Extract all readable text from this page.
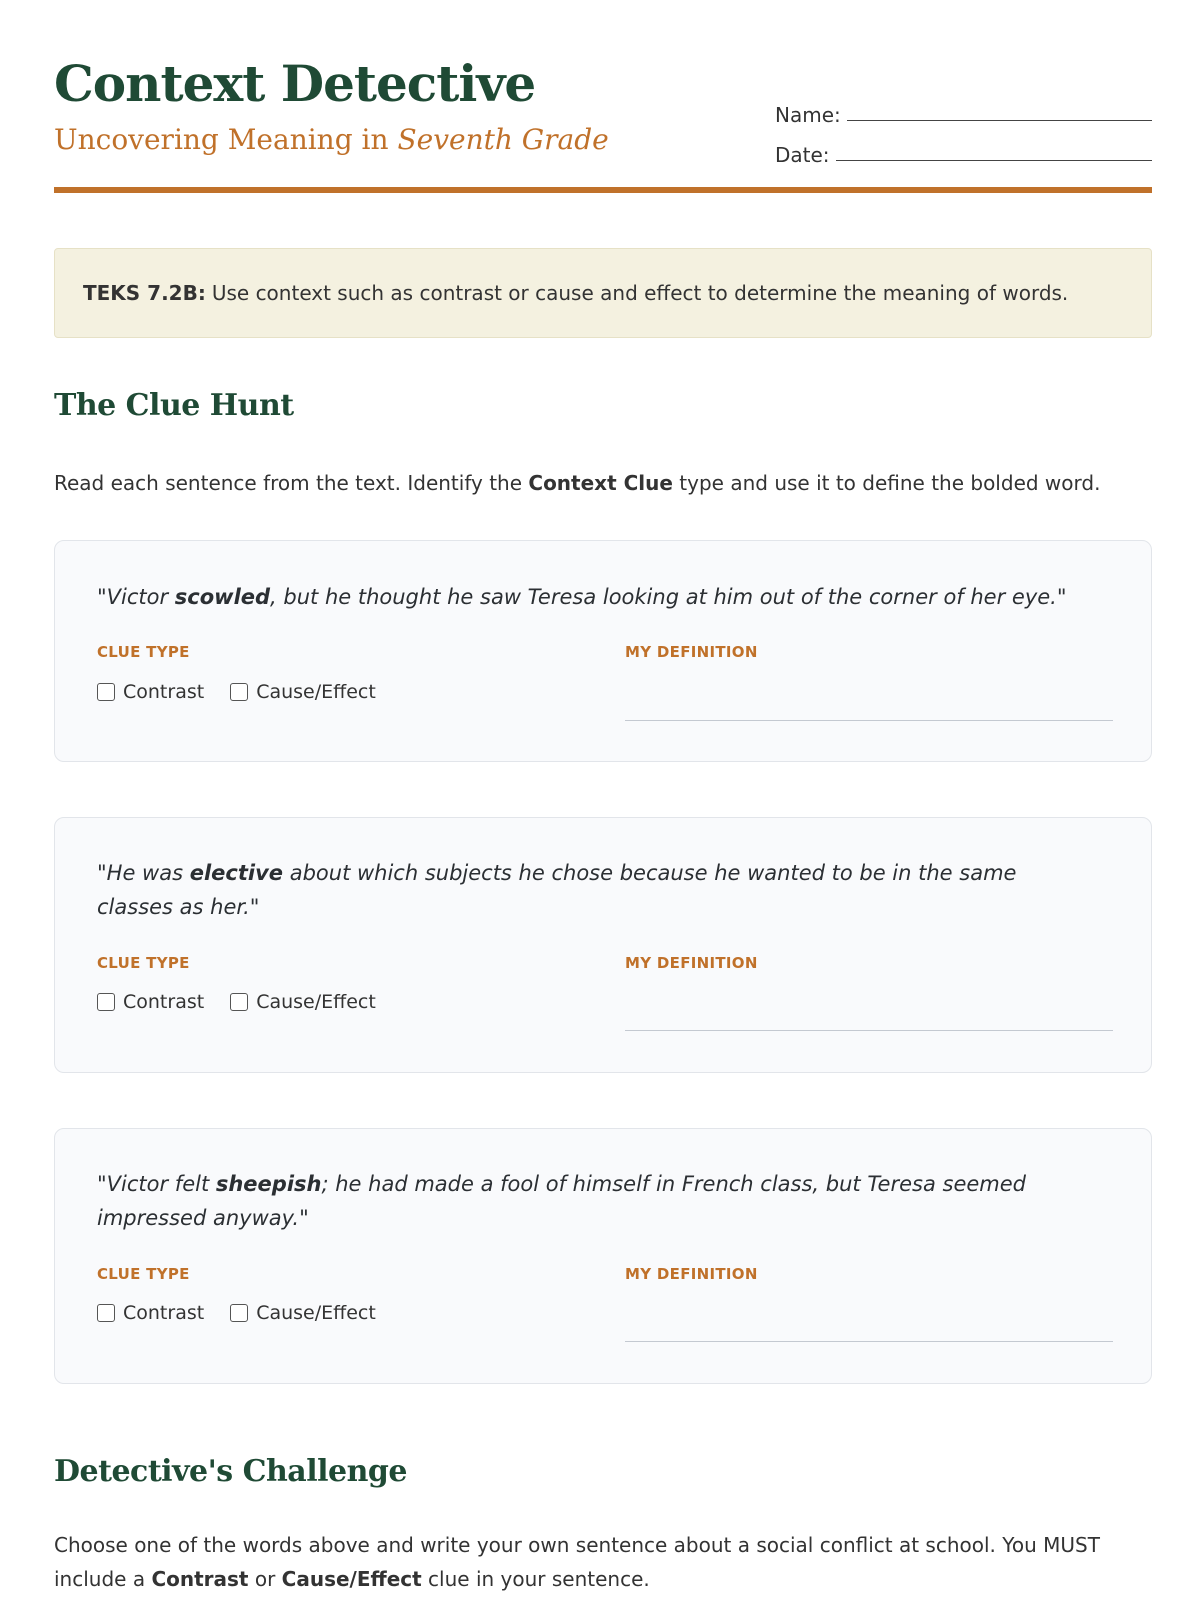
Context Detective
Uncovering Meaning in Seventh Grade
Name:
Date:
TEKS 7.2B: Use context such as contrast or cause and effect to determine the meaning of words.
The Clue Hunt
Read each sentence from the text. Identify the Context Clue type and use it to define the bolded word.
"Victor scowled, but he thought he saw Teresa looking at him out of the corner of her eye."
CLUE TYPE	MY DEFINITION
Contrast	Cause/Effect
"He was elective about which subjects he chose because he wanted to be in the same classes as her."
CLUE TYPE	MY DEFINITION
Contrast	Cause/Effect
"Victor felt sheepish; he had made a fool of himself in French class, but Teresa seemed impressed anyway."
CLUE TYPE	MY DEFINITION
Contrast	Cause/Effect
Detective's Challenge
Choose one of the words above and write your own sentence about a social conflict at school. You MUST include a Contrast or Cause/Effect clue in your sentence.
